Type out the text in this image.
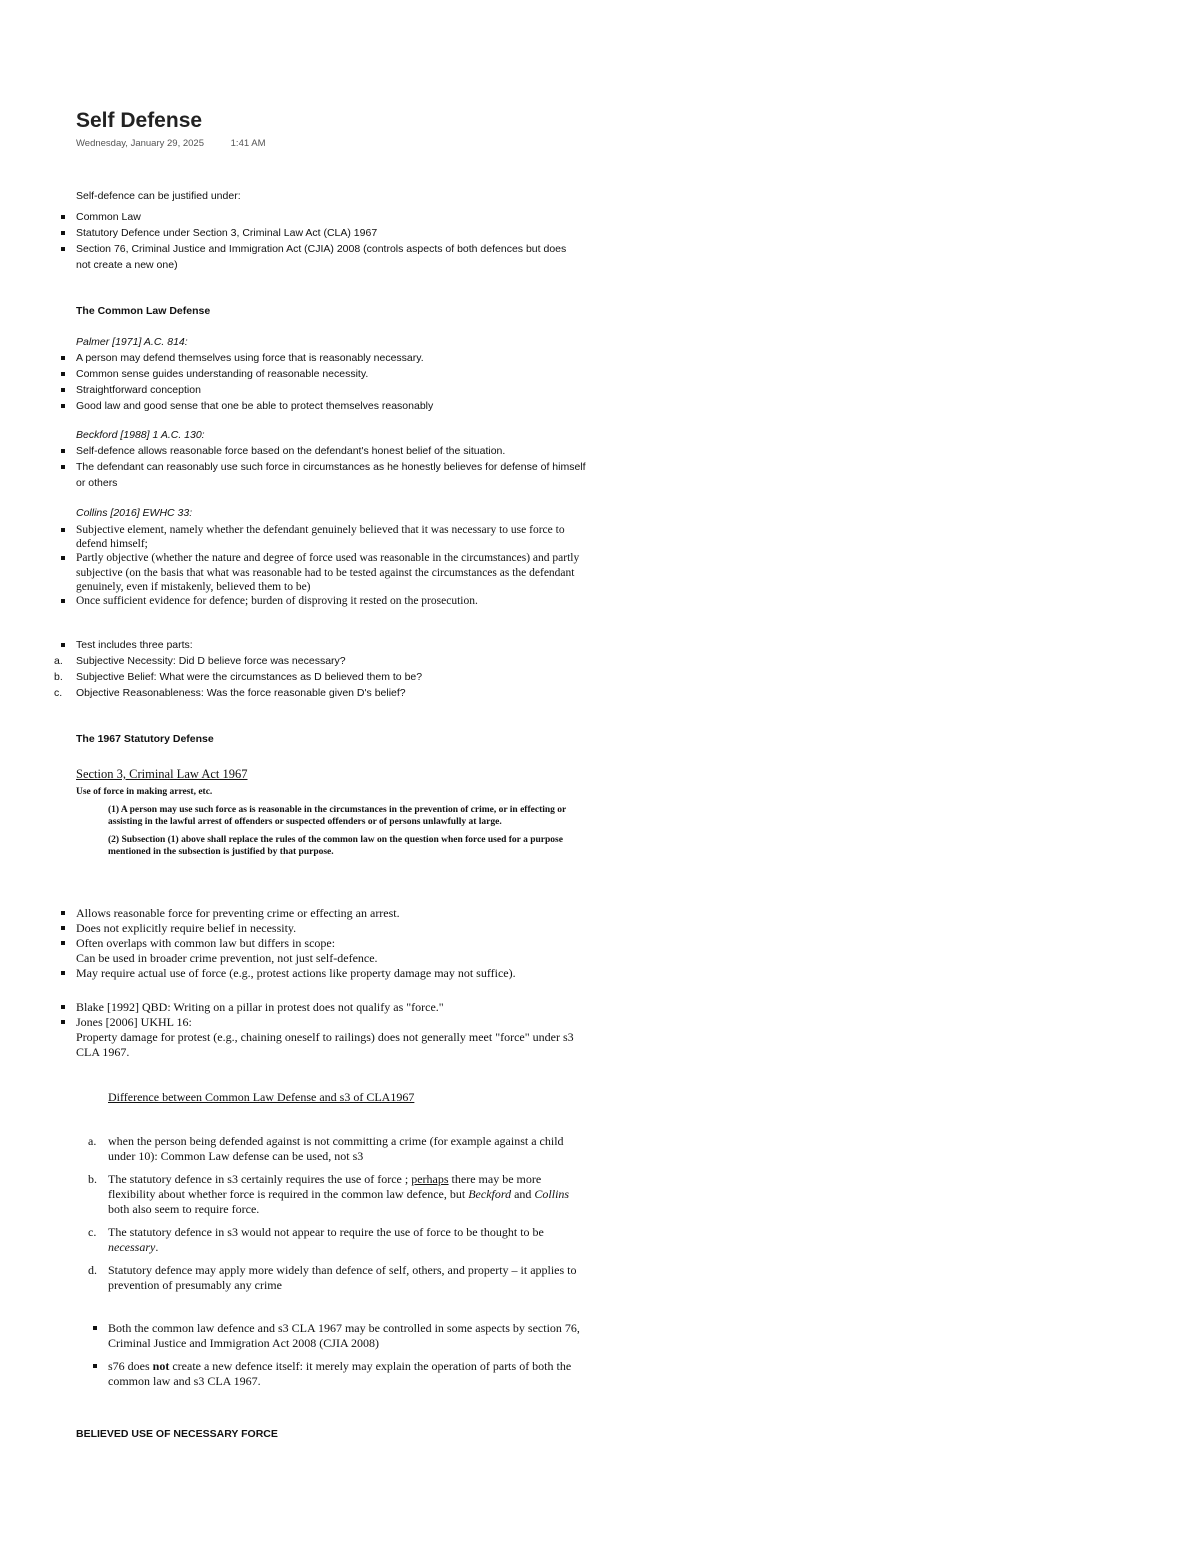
Self Defense
Wednesday, January 29, 2025	1:41 AM

Self-defence can be justified under:

Common Law
Statutory Defence under Section 3, Criminal Law Act (CLA) 1967
Section 76, Criminal Justice and Immigration Act (CJIA) 2008 (controls aspects of both defences but does not create a new one)
The Common Law Defense

Palmer [1971] A.C. 814:

A person may defend themselves using force that is reasonably necessary.
Common sense guides understanding of reasonable necessity.
Straightforward conception
Good law and good sense that one be able to protect themselves reasonably

Beckford [1988] 1 A.C. 130:

Self-defence allows reasonable force based on the defendant's honest belief of the situation.
The defendant can reasonably use such force in circumstances as he honestly believes for defense of himself or others

Collins [2016] EWHC 33:

Subjective element, namely whether the defendant genuinely believed that it was necessary to use force to defend himself;
Partly objective (whether the nature and degree of force used was reasonable in the circumstances) and partly subjective (on the basis that what was reasonable had to be tested against the circumstances as the defendant genuinely, even if mistakenly, believed them to be)
Once sufficient evidence for defence; burden of disproving it rested on the prosecution.
Test includes three parts:
a. Subjective Necessity: Did D believe force was necessary?
b. Subjective Belief: What were the circumstances as D believed them to be?
c. Objective Reasonableness: Was the force reasonable given D's belief?
The 1967 Statutory Defense

Section 3, Criminal Law Act 1967

Use of force in making arrest, etc.

(1) A person may use such force as is reasonable in the circumstances in the prevention of crime, or in effecting or assisting in the lawful arrest of offenders or suspected offenders or of persons unlawfully at large.

(2) Subsection (1) above shall replace the rules of the common law on the question when force used for a purpose mentioned in the subsection is justified by that purpose.

Allows reasonable force for preventing crime or effecting an arrest.
Does not explicitly require belief in necessity.
Often overlaps with common law but differs in scope:

Can be used in broader crime prevention, not just self-defence.

May require actual use of force (e.g., protest actions like property damage may not suffice).
Blake [1992] QBD: Writing on a pillar in protest does not qualify as "force."
Jones [2006] UKHL 16:

Property damage for protest (e.g., chaining oneself to railings) does not generally meet "force" under s3 CLA 1967.

Difference between Common Law Defense and s3 of CLA1967
a. when the person being defended against is not committing a crime (for example against a child under 10): Common Law defense can be used, not s3
b. The statutory defence in s3 certainly requires the use of force ; perhaps there may be more flexibility about whether force is required in the common law defence, but Beckford and Collins both also seem to require force.
c. The statutory defence in s3 would not appear to require the use of force to be thought to be necessary.
d. Statutory defence may apply more widely than defence of self, others, and property – it applies to prevention of presumably any crime
Both the common law defence and s3 CLA 1967 may be controlled in some aspects by section 76, Criminal Justice and Immigration Act 2008 (CJIA 2008)
s76 does not create a new defence itself: it merely may explain the operation of parts of both the common law and s3 CLA 1967.
BELIEVED USE OF NECESSARY FORCE
